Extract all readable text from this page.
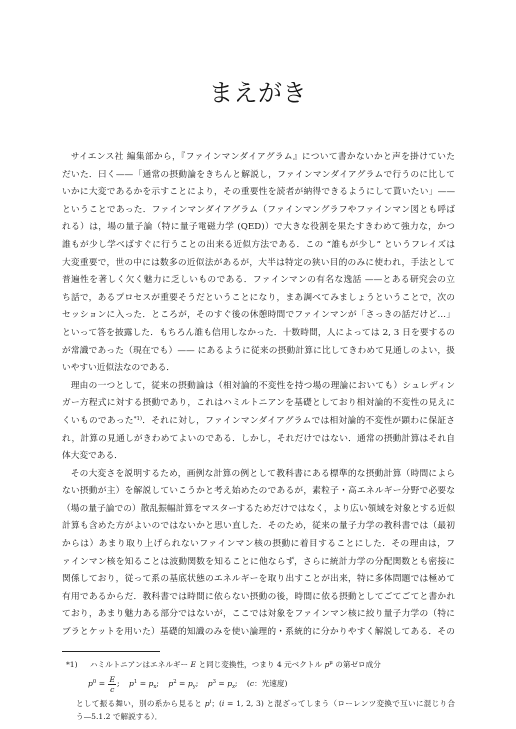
まえがき
サイエンス社 編集部から，『ファインマンダイアグラム』について書かないかと声を掛けていた
だいた．曰く——「通常の摂動論をきちんと解説し，ファインマンダイアグラムで行うのに比して
いかに大変であるかを示すことにより，その重要性を読者が納得できるようにして貰いたい」——
ということであった．ファインマンダイアグラム（ファインマングラフやファインマン図とも呼ば
れる）は，場の量子論（特に量子電磁力学 (QED)）で大きな役割を果たすきわめて強力な，かつ
誰もが少し学べばすぐに行うことの出来る近似方法である．この “誰もが少し” というフレイズは
大変重要で，世の中には数多の近似法があるが，大半は特定の狭い目的のみに使われ，手法として
普遍性を著しく欠く魅力に乏しいものである．ファインマンの有名な逸話 ——とある研究会の立
ち話で，あるプロセスが重要そうだということになり，まあ調べてみましょうということで，次の
セッションに入った．ところが，そのすぐ後の休憩時間でファインマンが「さっきの話だけど…」
といって答を披露した．もちろん誰も信用しなかった．十数時間，人によっては 2, 3 日を要するの
が常識であった（現在でも）—— にあるように従来の摂動計算に比してきわめて見通しのよい，扱
いやすい近似法なのである．
理由の一つとして，従来の摂動論は（相対論的不変性を持つ場の理論においても）シュレディン
ガー方程式に対する摂動であり，これはハミルトニアンを基礎としており相対論的不変性の見えに
くいものであった$^{*1)}$．それに対し，ファインマンダイアグラムでは相対論的不変性が顕わに保証さ
れ，計算の見通しがきわめてよいのである．しかし，それだけではない．通常の摂動計算はそれ自
体大変である．
その大変さを説明するため，画例な計算の例として教科書にある標準的な摂動計算（時間によら
ない摂動が主）を解説していこうかと考え始めたのであるが，素粒子・高エネルギー分野で必要な
（場の量子論での）散乱振幅計算をマスターするためだけではなく，より広い領域を対象とする近似
計算も含めた方がよいのではないかと思い直した．そのため，従来の量子力学の教科書では（最初
からは）あまり取り上げられないファインマン核の摂動に着目することにした．その理由は，フ
ァインマン核を知ることは波動関数を知ることに他ならず，さらに統計力学の分配関数とも密接に
関係しており，従って系の基底状態のエネルギーを取り出すことが出来，特に多体問題では極めて
有用であるからだ．教科書では時間に依らない摂動の後，時間に依る摂動としてごてごてと書かれ
ており，あまり魅力ある部分ではないが，ここでは対象をファインマン核に絞り量子力学の（特に
ブラとケットを用いた）基礎的知識のみを使い論理的・系統的に分かりやすく解説してある．その
*1) ハミルトニアンはエネルギー E と同じ変換性，つまり 4 元ベクトル $p^\mu$ の第ゼロ成分
$p^0 = \frac{E}{c}$ ; $p^1 = p_x$; $p^2 = p_y$; $p^3 = p_z$; (c：光速度)
として振る舞い，別の系から見ると $p^i$；(i = 1, 2, 3) と混ざってしまう（ローレンツ変換で互いに混じり合
う—5.1.2 で解説する）．
